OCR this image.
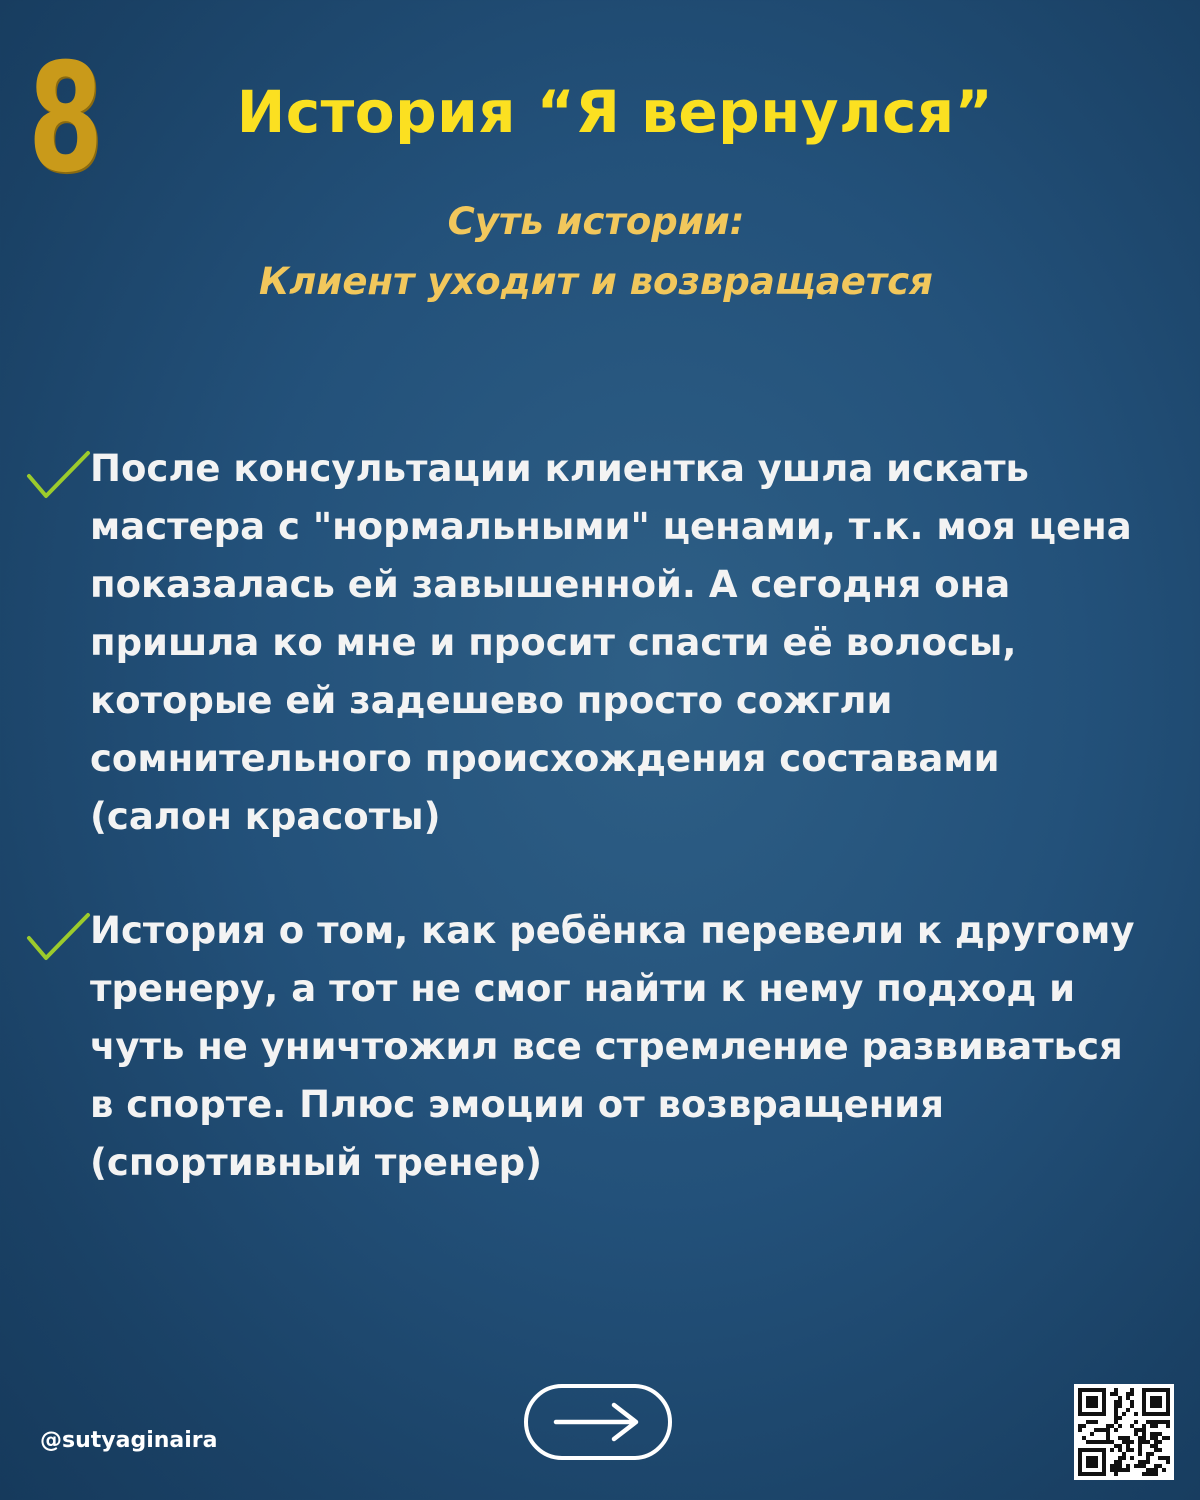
8	История “Я вернулся”
Суть истории:
Клиент уходит и возвращается
После консультации клиентка ушла искать
мастера с "нормальными" ценами, т.к. моя цена
показалась ей завышенной. А сегодня она
пришла ко мне и просит спасти её волосы,
которые ей задешево просто сожгли
сомнительного происхождения составами
(салон красоты)
История о том, как ребёнка перевели к другому
тренеру, а тот не смог найти к нему подход и
чуть не уничтожил все стремление развиваться
в спорте. Плюс эмоции от возвращения
(спортивный тренер)
@sutyaginaira
